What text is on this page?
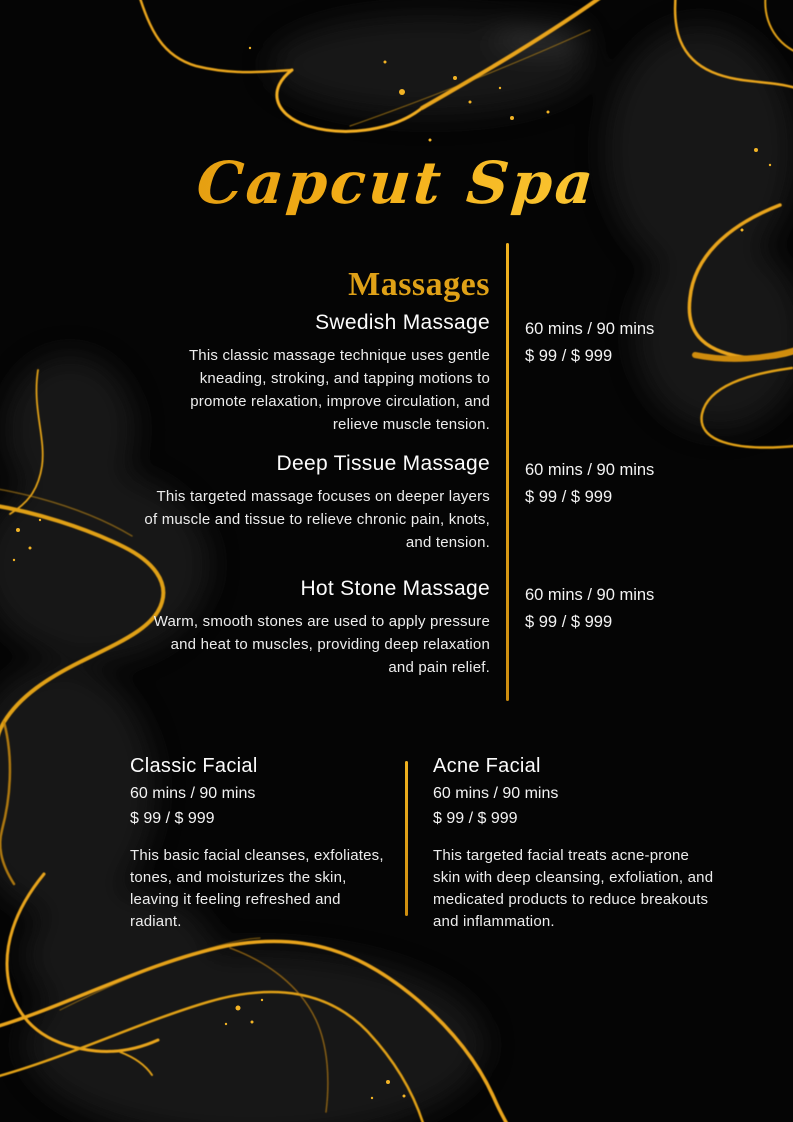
Capcut Spa
Massages
Swedish Massage
This classic massage technique uses gentle kneading, stroking, and tapping motions to promote relaxation, improve circulation, and relieve muscle tension.
60 mins / 90 mins
$ 99 / $ 999
Deep Tissue Massage
This targeted massage focuses on deeper layers of muscle and tissue to relieve chronic pain, knots, and tension.
60 mins / 90 mins
$ 99 / $ 999
Hot Stone Massage
Warm, smooth stones are used to apply pressure and heat to muscles, providing deep relaxation and pain relief.
60 mins / 90 mins
$ 99 / $ 999

Classic Facial

60 mins / 90 mins

$ 99 / $ 999

This basic facial cleanses, exfoliates, tones, and moisturizes the skin, leaving it feeling refreshed and radiant.

Acne Facial

60 mins / 90 mins

$ 99 / $ 999

This targeted facial treats acne-prone skin with deep cleansing, exfoliation, and medicated products to reduce breakouts and inflammation.
